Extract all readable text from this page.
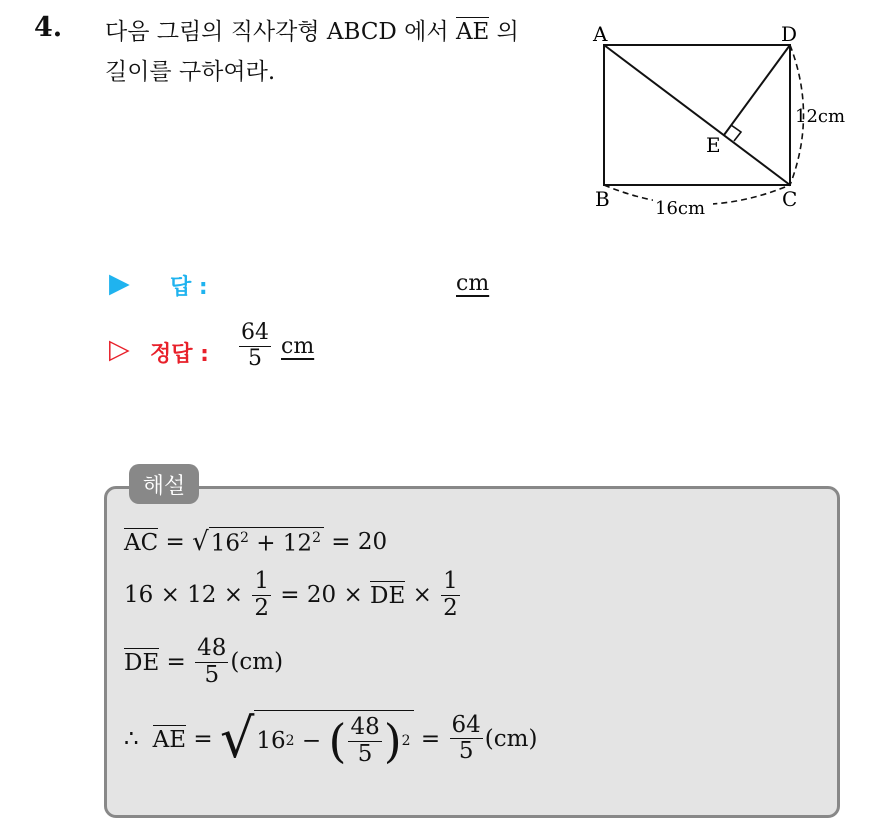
4. 다음 그림의 직사각형 ABCD 에서 AE 의
길이를 구하여라.
A	D
B	C
E
16cm
12cm
▶ 답 :	cm
▷ 정답 : $\frac{64}{5}$ cm
해설
AC = √ $16^2 + 12^2 = 20$
$16 \times 12 \times \frac{1}{2} = 20$ × DE × $\frac{1}{2}$
DE = $\frac{48}{5} (cm)$
∴ AE = √ 16 2 − ( $\frac{48}{5}$ ) $2 = \frac{64}{5} (cm)$
